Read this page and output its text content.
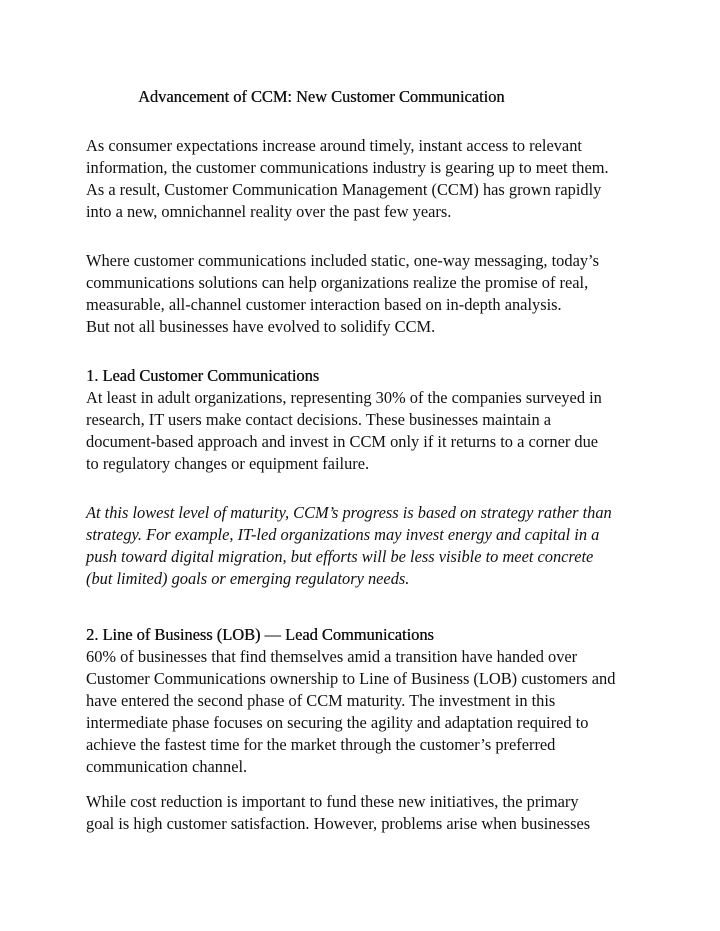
Advancement of CCM: New Customer Communication

As consumer expectations increase around timely, instant access to relevant
information, the customer communications industry is gearing up to meet them.
As a result, Customer Communication Management (CCM) has grown rapidly
into a new, omnichannel reality over the past few years.

Where customer communications included static, one-way messaging, today’s
communications solutions can help organizations realize the promise of real,
measurable, all-channel customer interaction based on in-depth analysis.
But not all businesses have evolved to solidify CCM.

1. Lead Customer Communications
At least in adult organizations, representing 30% of the companies surveyed in
research, IT users make contact decisions. These businesses maintain a
document-based approach and invest in CCM only if it returns to a corner due
to regulatory changes or equipment failure.

At this lowest level of maturity, CCM’s progress is based on strategy rather than
strategy. For example, IT-led organizations may invest energy and capital in a
push toward digital migration, but efforts will be less visible to meet concrete
(but limited) goals or emerging regulatory needs.

2. Line of Business (LOB) — Lead Communications
60% of businesses that find themselves amid a transition have handed over
Customer Communications ownership to Line of Business (LOB) customers and
have entered the second phase of CCM maturity. The investment in this
intermediate phase focuses on securing the agility and adaptation required to
achieve the fastest time for the market through the customer’s preferred
communication channel.

While cost reduction is important to fund these new initiatives, the primary
goal is high customer satisfaction. However, problems arise when businesses
